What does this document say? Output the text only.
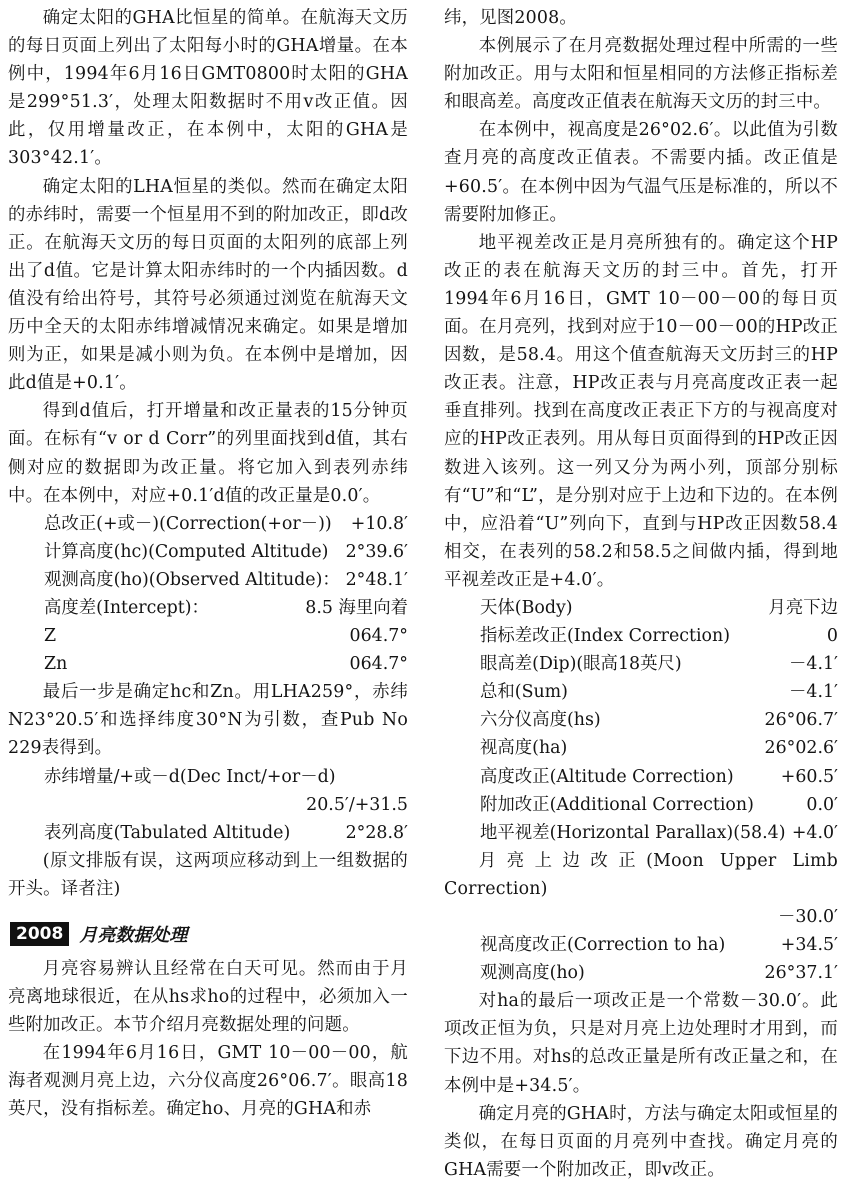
确定太阳的GHA比恒星的简单。在航海天文历的每日页面上列出了太阳每小时的GHA增量。在本例中，1994年6月16日GMT0800时太阳的GHA是299°51.3′，处理太阳数据时不用v改正值。因此，仅用增量改正，在本例中，太阳的GHA是303°42.1′。

确定太阳的LHA恒星的类似。然而在确定太阳的赤纬时，需要一个恒星用不到的附加改正，即d改正。在航海天文历的每日页面的太阳列的底部上列出了d值。它是计算太阳赤纬时的一个内插因数。d值没有给出符号，其符号必须通过浏览在航海天文历中全天的太阳赤纬增减情况来确定。如果是增加则为正，如果是减小则为负。在本例中是增加，因此d值是+0.1′。

得到d值后，打开增量和改正量表的15分钟页面。在标有“v or d Corr”的列里面找到d值，其右侧对应的数据即为改正量。将它加入到表列赤纬中。在本例中，对应+0.1′d值的改正量是0.0′。

总改正(+或－)(Correction(+or－)) +10.8′
计算高度(hc)(Computed Altitude) 2°39.6′
观测高度(ho)(Observed Altitude)： 2°48.1′
高度差(Intercept)：	8.5 海里向着
Z	064.7°
Zn	064.7°

最后一步是确定hc和Zn。用LHA259°，赤纬N23°20.5′和选择纬度30°N为引数，查Pub No 229表得到。

赤纬增量/+或－d(Dec Inct/+or－d)
20.5′/+31.5
表列高度(Tabulated Altitude)	2°28.8′

(原文排版有误，这两项应移动到上一组数据的开头。译者注)

2008 月亮数据处理

月亮容易辨认且经常在白天可见。然而由于月亮离地球很近，在从hs求ho的过程中，必须加入一些附加改正。本节介绍月亮数据处理的问题。

在1994年6月16日，GMT 10－00－00，航海者观测月亮上边，六分仪高度26°06.7′。眼高18英尺，没有指标差。确定ho、月亮的GHA和赤

纬，见图2008。

本例展示了在月亮数据处理过程中所需的一些附加改正。用与太阳和恒星相同的方法修正指标差和眼高差。高度改正值表在航海天文历的封三中。

在本例中，视高度是26°02.6′。以此值为引数查月亮的高度改正值表。不需要内插。改正值是+60.5′。在本例中因为气温气压是标准的，所以不需要附加修正。

地平视差改正是月亮所独有的。确定这个HP改正的表在航海天文历的封三中。首先，打开1994年6月16日，GMT 10－00－00的每日页面。在月亮列，找到对应于10－00－00的HP改正因数，是58.4。用这个值查航海天文历封三的HP改正表。注意，HP改正表与月亮高度改正表一起垂直排列。找到在高度改正表正下方的与视高度对应的HP改正表列。用从每日页面得到的HP改正因数进入该列。这一列又分为两小列，顶部分别标有“U”和“L”，是分别对应于上边和下边的。在本例中，应沿着“U”列向下，直到与HP改正因数58.4相交，在表列的58.2和58.5之间做内插，得到地平视差改正是+4.0′。

天体(Body)	月亮下边
指标差改正(Index Correction)	0
眼高差(Dip)(眼高18英尺)	－4.1′
总和(Sum)	－4.1′
六分仪高度(hs)	26°06.7′
视高度(ha)	26°02.6′
高度改正(Altitude Correction)	+60.5′
附加改正(Additional Correction)	0.0′
地平视差(Horizontal Parallax)(58.4) +4.0′

月亮上边改正(Moon Upper Limb Correction)

－30.0′
视高度改正(Correction to ha)	+34.5′
观测高度(ho)	26°37.1′

对ha的最后一项改正是一个常数－30.0′。此项改正恒为负，只是对月亮上边处理时才用到，而下边不用。对hs的总改正量是所有改正量之和，在本例中是+34.5′。

确定月亮的GHA时，方法与确定太阳或恒星的类似，在每日页面的月亮列中查找。确定月亮的GHA需要一个附加改正，即v改正。
